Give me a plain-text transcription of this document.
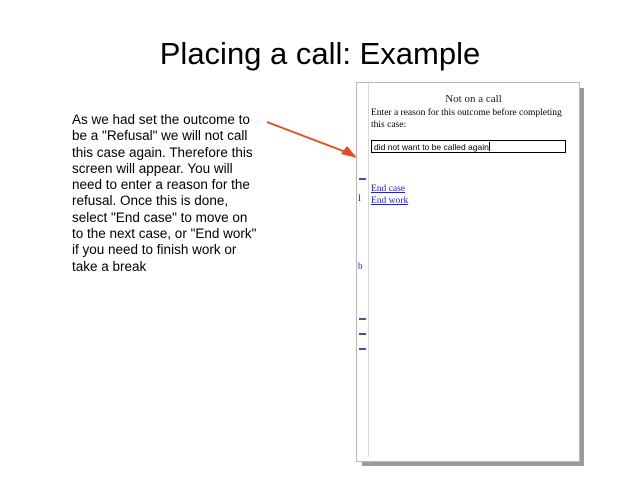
Placing a call: Example
As we had set the outcome to be a "Refusal" we will not call this case again. Therefore this screen will appear. You will need to enter a reason for the refusal. Once this is done, select "End case" to move on to the next case, or "End work" if you need to finish work or take a break
I
b
Not on a call
Enter a reason for this outcome before completing this case:
did not want to be called again
End case
End work
